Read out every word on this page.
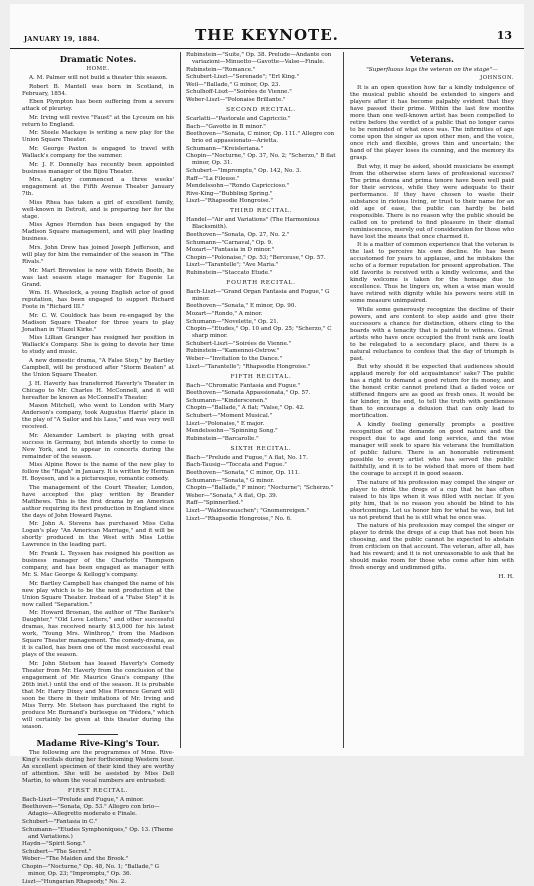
JANUARY 19, 1884.	THE KEYNOTE.	13
Dramatic Notes.
HOME.

A. M. Palmer will not build a theater this season.

Robert B. Mantell was born in Scotland, in February, 1854.

Eben Plympton has been suffering from a severe attack of pleurisy.

Mr. Irving will revive "Faust" at the Lyceum on his return to England.

Mr. Steele Mackaye is writing a new play for the Union Square Theater.

Mr. George Paxton is engaged to travel with Wallack's company for the summer.

Mr. J. F. Donnelly has recently been appointed business manager of the Bijou Theater.

Mrs. Langtry commenced a three weeks' engagement at the Fifth Avenue Theater January 7th.

Miss Rhea has taken a girl of excellent family, well-known in Detroit, and is preparing her for the stage.

Miss Agnes Herndon has been engaged by the Madison Square management, and will play leading business.

Mrs. John Drew has joined Joseph Jefferson, and will play for him the remainder of the season in "The Rivals."

Mr. Mart Brownlee is now with Edwin Booth, he was last season stage manager for Eugenie Le Grand.

Wm. H. Wheelock, a young English actor of good reputation, has been engaged to support Richard Foote in "Richard III."

Mr. C. W. Couldock has been re-engaged by the Madison Square Theater for three years to play Jonathan in "Hazel Kirke."

Miss Lillian Granger has resigned her position in Wallack's Company. She is going to devote her time to study and music.

A new domestic drama, "A False Step," by Bartley Campbell, will be produced after "Storm Beaten" at the Union Square Theater.

J. H. Haverly has transferred Haverly's Theater in Chicago to Mr. Charles H. McConnell, and it will hereafter be known as McConnell's Theater.

Mason Mitchell, who went to London with Mary Anderson's company, took Augustus Harris' place in the play of "A Sailor and his Lass," and was very well received.

Mr. Alexander Lambert is playing with great success in Germany, but intends shortly to come to New York, and to appear in concerts during the remainder of the season.

Miss Alpine Rowe is the name of the new play to follow the "Rajah" in January. It is written by Herman H. Boyesen, and is a picturesque, romantic comedy.

The management of the Court Theater, London, have accepted the play written by Brander Matthews. This is the first drama by an American author requiring its first production in England since the days of John Howard Payne.

Mr. John A. Stevens has purchased Miss Celia Logan's play "An American Marriage," and it will be shortly produced in the West with Miss Lettie Lawrence in the leading part.

Mr. Frank L. Teyssen has resigned his position as business manager of the Charlotte Thompson company, and has been engaged as manager with Mr. S. Mac George & Kellogg's company.

Mr. Bartley Campbell has changed the name of his new play which is to be the next production at the Union Square Theater. Instead of a "False Step" it is now called "Separation."

Mr. Howard Brosnan, the author of "The Banker's Daughter," "Old Love Letters," and other successful dramas, has received nearly $13,000 for his latest work, "Young Mrs. Winthrop," from the Madison Square Theater management. The comedy-drama, as it is called, has been one of the most successful real plays of the season.

Mr. John Stetson has leased Haverly's Comedy Theater from Mr. Haverly from the conclusion of the engagement of Mr. Maurice Grau's company (the 26th inst.) until the end of the season. It is probable that Mr. Harry Dixey and Miss Florence Gerard will soon be there in their imitations of Mr. Irving and Miss Terry. Mr. Stetson has purchased the right to produce Mr. Burnand's burlesque on "Fédora," which will certainly be given at this theater during the season.

Madame Rive-King's Tour.

The following are the programmes of Mme. Rive-King's recitals during her forthcoming Western tour. An excellent specimen of their kind they are worthy of attention. She will be assisted by Miss Dell Martin, to whom the vocal numbers are entrusted:

FIRST RECITAL.

Bach-Liszt—"Prelude and Fugue," A minor.

Beethoven—"Sonata, Op. 53." Allegro con brio—Adagio—Allegretto moderato e Finale.

Schubert—"Fantasia in C."

Schumann—"Etudes Symphoniques," Op. 13. (Theme and Variations.)

Haydn—"Spirit Song."

Schubert—"The Secret."

Weber—"The Maiden and the Brook."

Chopin—"Nocturne," Op. 48, No. 1; "Ballade," G minor, Op. 23; "Impromptu," Op. 36.

Liszt—"Hungarian Rhapsody," No. 2.

Rubinstein—"Suite," Op. 38. Prelude—Andante con variazioni—Minuetto—Gavotte—Valse—Finale.

Rubinstein—"Romance."

Schubert-Liszt—"Serenade"; "Erl King."

Weil—"Ballade," G minor, Op. 23.

Schulhoff-Liszt—"Soirées de Vienne."

Weber-Liszt—"Polonaise Brillante."

SECOND RECITAL.

Scarlatti—"Pastorale and Capriccio."

Bach—"Gavotte in B minor."

Beethoven—"Sonata, C minor, Op. 111." Allegro con brio ed appassionato—Arietta.

Schumann—"Kreisleriana."

Chopin—"Nocturne," Op. 37, No. 2; "Scherzo," B flat minor, Op. 31.

Schubert—"Impromptu," Op. 142, No. 3.

Raff—"La Fileuse."

Mendelssohn—"Rondo Capriccioso."

Rive-King—"Bubbling Spring."

Liszt—"Rhapsodie Hongroise."

THIRD RECITAL.

Handel—"Air and Variations" (The Harmonious Blacksmith).

Beethoven—"Sonata, Op. 27, No. 2."

Schumann—"Carnaval," Op. 9.

Mozart—"Fantasia in D minor."

Chopin—"Polonaise," Op. 53; "Berceuse," Op. 57.

Liszt—"Tarantelle"; "Ave Maria."

Rubinstein—"Staccato Etude."

FOURTH RECITAL.

Bach-Liszt—"Grand Organ Fantasia and Fugue," G minor.

Beethoven—"Sonata," E minor, Op. 90.

Mozart—"Rondo," A minor.

Schumann—"Novelette," Op. 21.

Chopin—"Etudes," Op. 10 and Op. 25; "Scherzo," C sharp minor.

Schubert-Liszt—"Soirées de Vienne."

Rubinstein—"Kamennoi-Ostrow."

Weber—"Invitation to the Dance."

Liszt—"Tarantelle"; "Rhapsodie Hongroise."

FIFTH RECITAL.

Bach—"Chromatic Fantasia and Fugue."

Beethoven—"Sonata Appassionata," Op. 57.

Schumann—"Kinderscenen."

Chopin—"Ballade," A flat; "Valse," Op. 42.

Schubert—"Moment Musical."

Liszt—"Polonaise," E major.

Mendelssohn—"Spinning Song."

Rubinstein—"Barcarolle."

SIXTH RECITAL.

Bach—"Prelude and Fugue," A flat, No. 17.

Bach-Tausig—"Toccata and Fugue."

Beethoven—"Sonata," C minor, Op. 111.

Schumann—"Sonata," G minor.

Chopin—"Ballade," F minor; "Nocturne"; "Scherzo."

Weber—"Sonata," A flat, Op. 39.

Raff—"Spinnerlied."

Liszt—"Waldesrauschen"; "Gnomenreigen."

Liszt—"Rhapsodie Hongroise," No. 6.

Veterans.
"Superfluous lags the veteran on the stage"—
JOHNSON.

It is an open question how far a kindly indulgence of the musical public should be extended to singers and players after it has become palpably evident that they have passed their prime. Within the last few months more than one well-known artist has been compelled to retire before the verdict of a public that no longer cares to be reminded of what once was. The infirmities of age come upon the singer as upon other men, and the voice, once rich and flexible, grows thin and uncertain; the hand of the player loses its cunning, and the memory its grasp.

But why, it may be asked, should musicians be exempt from the otherwise stern laws of professional success? The prima donna and prima tenore have been well paid for their services, while they were adequate to their performance. If they have chosen to waste their substance in riotous living, or trust to their name for an old age of ease, the public can hardly be held responsible. There is no reason why the public should be called on to pretend to find pleasure in their dismal reminiscences, merely out of consideration for those who have lost the means that once charmed it.

It is a matter of common experience that the veteran is the last to perceive his own decline. He has been accustomed for years to applause, and he mistakes the echo of a former reputation for present approbation. The old favorite is received with a kindly welcome, and the kindly welcome is taken for the homage due to excellence. Thus he lingers on, when a wise man would have retired with dignity while his powers were still in some measure unimpaired.

While some generously recognize the decline of their powers, and are content to step aside and give their successors a chance for distinction, others cling to the boards with a tenacity that is painful to witness. Great artists who have once occupied the front rank are loath to be relegated to a secondary place, and there is a natural reluctance to confess that the day of triumph is past.

But why should it be expected that audiences should applaud merely for old acquaintance' sake? The public has a right to demand a good return for its money, and the honest critic cannot pretend that a faded voice or stiffened fingers are as good as fresh ones. It would be far kinder, in the end, to tell the truth with gentleness than to encourage a delusion that can only lead to mortification.

A kindly feeling generally prompts a positive recognition of the demands on good nature and the respect due to age and long service, and the wise manager will seek to spare his veterans the humiliation of public failure. There is an honorable retirement possible to every artist who has served the public faithfully, and it is to be wished that more of them had the courage to accept it in good season.

The nature of his profession may compel the singer or player to drink the dregs of a cup that he has often raised to his lips when it was filled with nectar. If you pity him, that is no reason you should be blind to his shortcomings. Let us honor him for what he was, but let us not pretend that he is still what he once was.

The nature of his profession may compel the singer or player to drink the dregs of a cup that has not been his choosing, and the public cannot be expected to abstain from criticism on that account. The veteran, after all, has had his reward; and it is not unreasonable to ask that he should make room for those who come after him with fresh energy and undimmed gifts.

H. H.
